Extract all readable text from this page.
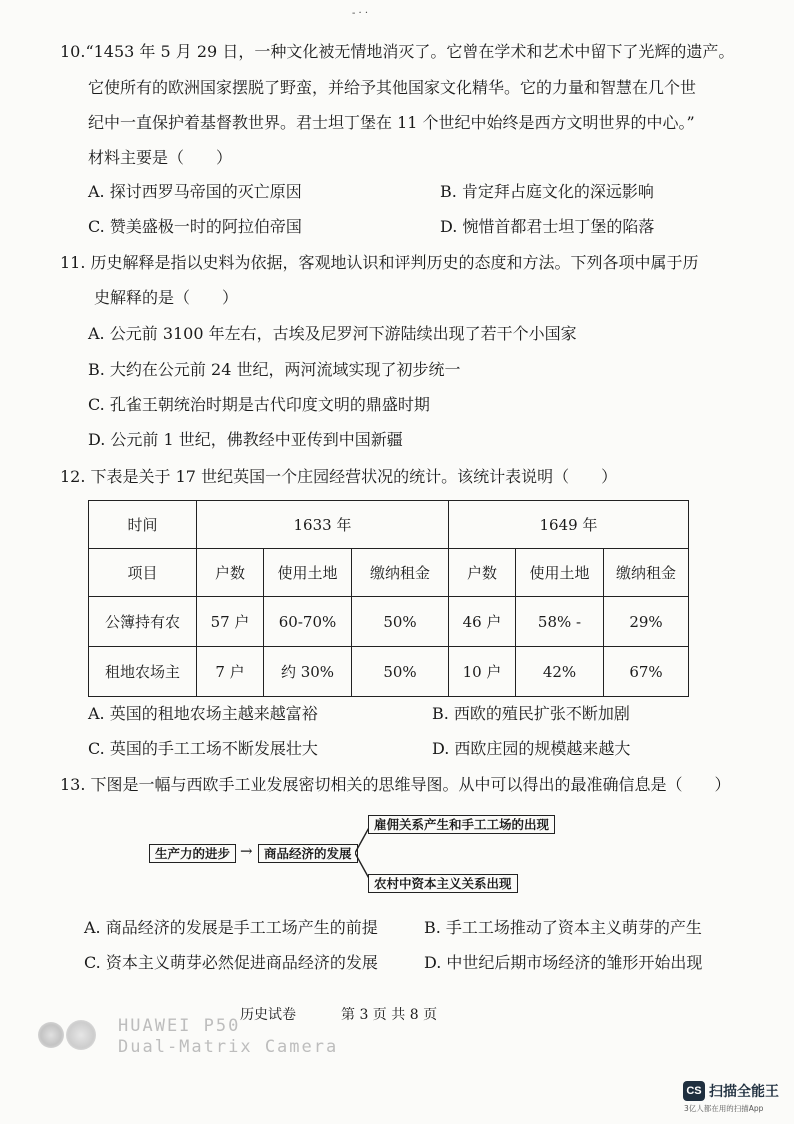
- · ·
10.“1453 年 5 月 29 日，一种文化被无情地消灭了。它曾在学术和艺术中留下了光辉的遗产。
它使所有的欧洲国家摆脱了野蛮，并给予其他国家文化精华。它的力量和智慧在几个世
纪中一直保护着基督教世界。君士坦丁堡在 11 个世纪中始终是西方文明世界的中心。”
材料主要是（　　）
A. 探讨西罗马帝国的灭亡原因	B. 肯定拜占庭文化的深远影响
C. 赞美盛极一时的阿拉伯帝国	D. 惋惜首都君士坦丁堡的陷落
11. 历史解释是指以史料为依据，客观地认识和评判历史的态度和方法。下列各项中属于历
史解释的是（　　）
A. 公元前 3100 年左右，古埃及尼罗河下游陆续出现了若干个小国家
B. 大约在公元前 24 世纪，两河流域实现了初步统一
C. 孔雀王朝统治时期是古代印度文明的鼎盛时期
D. 公元前 1 世纪，佛教经中亚传到中国新疆
12. 下表是关于 17 世纪英国一个庄园经营状况的统计。该统计表说明（　　）
时间	1633 年			1649 年		
项目	户数	使用土地	缴纳租金	户数	使用土地	缴纳租金
公簿持有农	57 户	60-70%	50%	46 户	58% -	29%
租地农场主	7 户	约 30%	50%	10 户	42%	67%
A. 英国的租地农场主越来越富裕	B. 西欧的殖民扩张不断加剧
C. 英国的手工工场不断发展壮大	D. 西欧庄园的规模越来越大
13. 下图是一幅与西欧手工业发展密切相关的思维导图。从中可以得出的最准确信息是（　　）
生产力的进步 → 商品经济的发展
雇佣关系产生和手工工场的出现
农村中资本主义关系出现
A. 商品经济的发展是手工工场产生的前提	B. 手工工场推动了资本主义萌芽的产生
C. 资本主义萌芽必然促进商品经济的发展	D. 中世纪后期市场经济的雏形开始出现
历史试卷	第 3 页 共 8 页
HUAWEI P50
Dual-Matrix Camera
CS 扫描全能王
3亿人都在用的扫描App
